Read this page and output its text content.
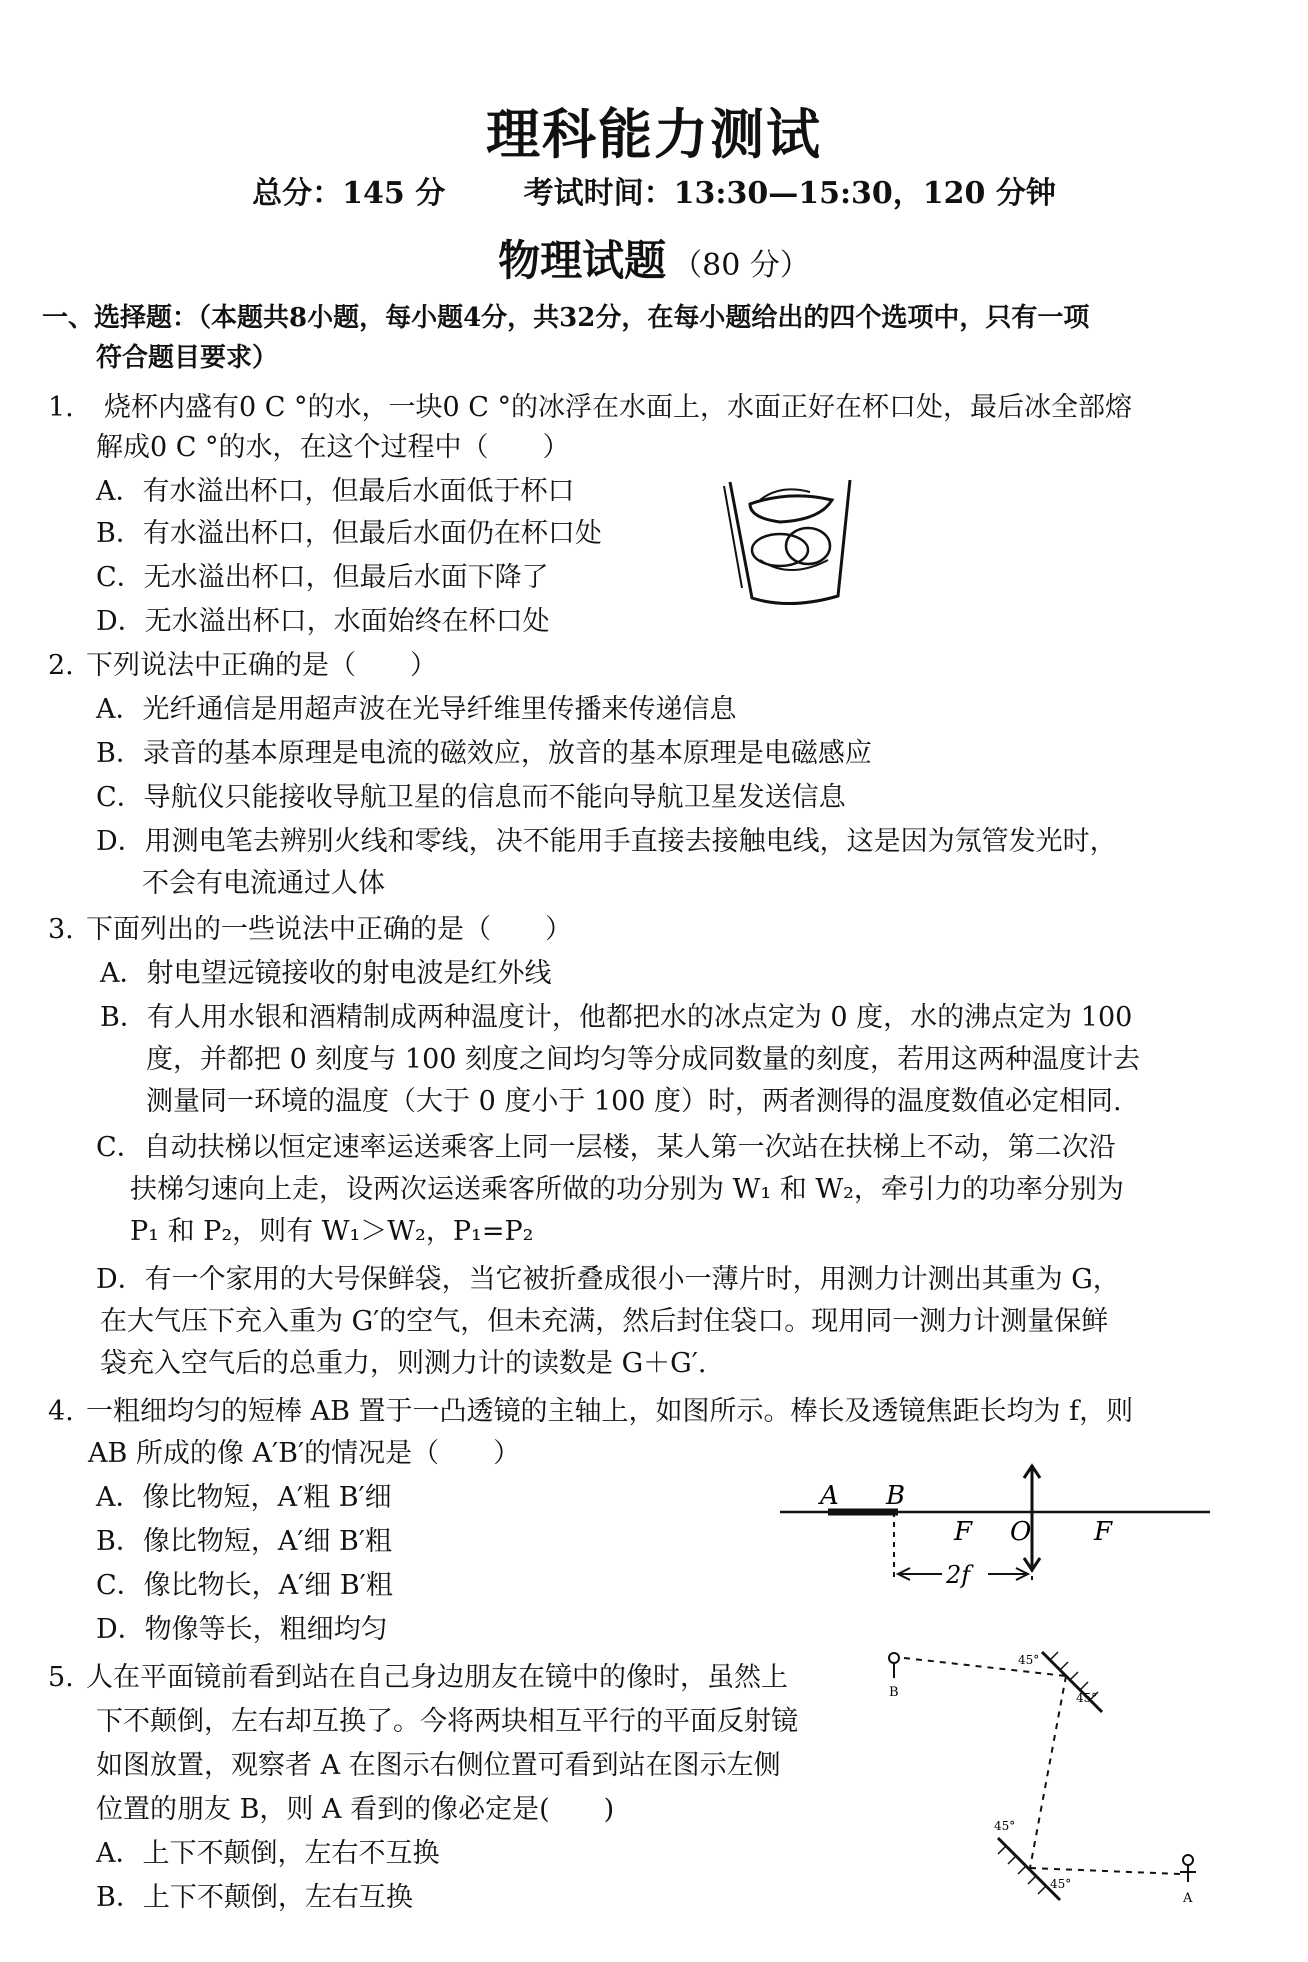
理科能力测试
总分：145 分	考试时间：13:30—15:30，120 分钟
物理试题 （80 分）
一、选择题：（本题共8小题，每小题4分，共32分，在每小题给出的四个选项中，只有一项
符合题目要求）
1. 烧杯内盛有0 C °的水，一块0 C °的冰浮在水面上，水面正好在杯口处，最后冰全部熔
解成0 C °的水，在这个过程中（　　）
A．有水溢出杯口，但最后水面低于杯口
B．有水溢出杯口，但最后水面仍在杯口处
C．无水溢出杯口，但最后水面下降了
D．无水溢出杯口，水面始终在杯口处
2. 下列说法中正确的是（　　）
A．光纤通信是用超声波在光导纤维里传播来传递信息
B．录音的基本原理是电流的磁效应，放音的基本原理是电磁感应
C．导航仪只能接收导航卫星的信息而不能向导航卫星发送信息
D．用测电笔去辨别火线和零线，决不能用手直接去接触电线，这是因为氖管发光时，
不会有电流通过人体
3. 下面列出的一些说法中正确的是（　　）
A．射电望远镜接收的射电波是红外线
B．有人用水银和酒精制成两种温度计，他都把水的冰点定为 0 度，水的沸点定为 100
度，并都把 0 刻度与 100 刻度之间均匀等分成同数量的刻度，若用这两种温度计去
测量同一环境的温度（大于 0 度小于 100 度）时，两者测得的温度数值必定相同.
C．自动扶梯以恒定速率运送乘客上同一层楼，某人第一次站在扶梯上不动，第二次沿
扶梯匀速向上走，设两次运送乘客所做的功分别为 W₁ 和 W₂，牵引力的功率分别为
P₁ 和 P₂，则有 W₁＞W₂，P₁=P₂
D．有一个家用的大号保鲜袋，当它被折叠成很小一薄片时，用测力计测出其重为 G，
在大气压下充入重为 G′的空气，但未充满，然后封住袋口。现用同一测力计测量保鲜
袋充入空气后的总重力，则测力计的读数是 G＋G′.
4. 一粗细均匀的短棒 AB 置于一凸透镜的主轴上，如图所示。棒长及透镜焦距长均为 f，则
AB 所成的像 A′B′的情况是（　　）
A．像比物短，A′粗 B′细
B．像比物短，A′细 B′粗
C．像比物长，A′细 B′粗
D．物像等长，粗细均匀
A B
F O F
2f
5. 人在平面镜前看到站在自己身边朋友在镜中的像时，虽然上
下不颠倒，左右却互换了。今将两块相互平行的平面反射镜
如图放置，观察者 A 在图示右侧位置可看到站在图示左侧
位置的朋友 B，则 A 看到的像必定是(　　)
A．上下不颠倒，左右不互换
B．上下不颠倒，左右互换
B
45°
45°
45°
45°
A
